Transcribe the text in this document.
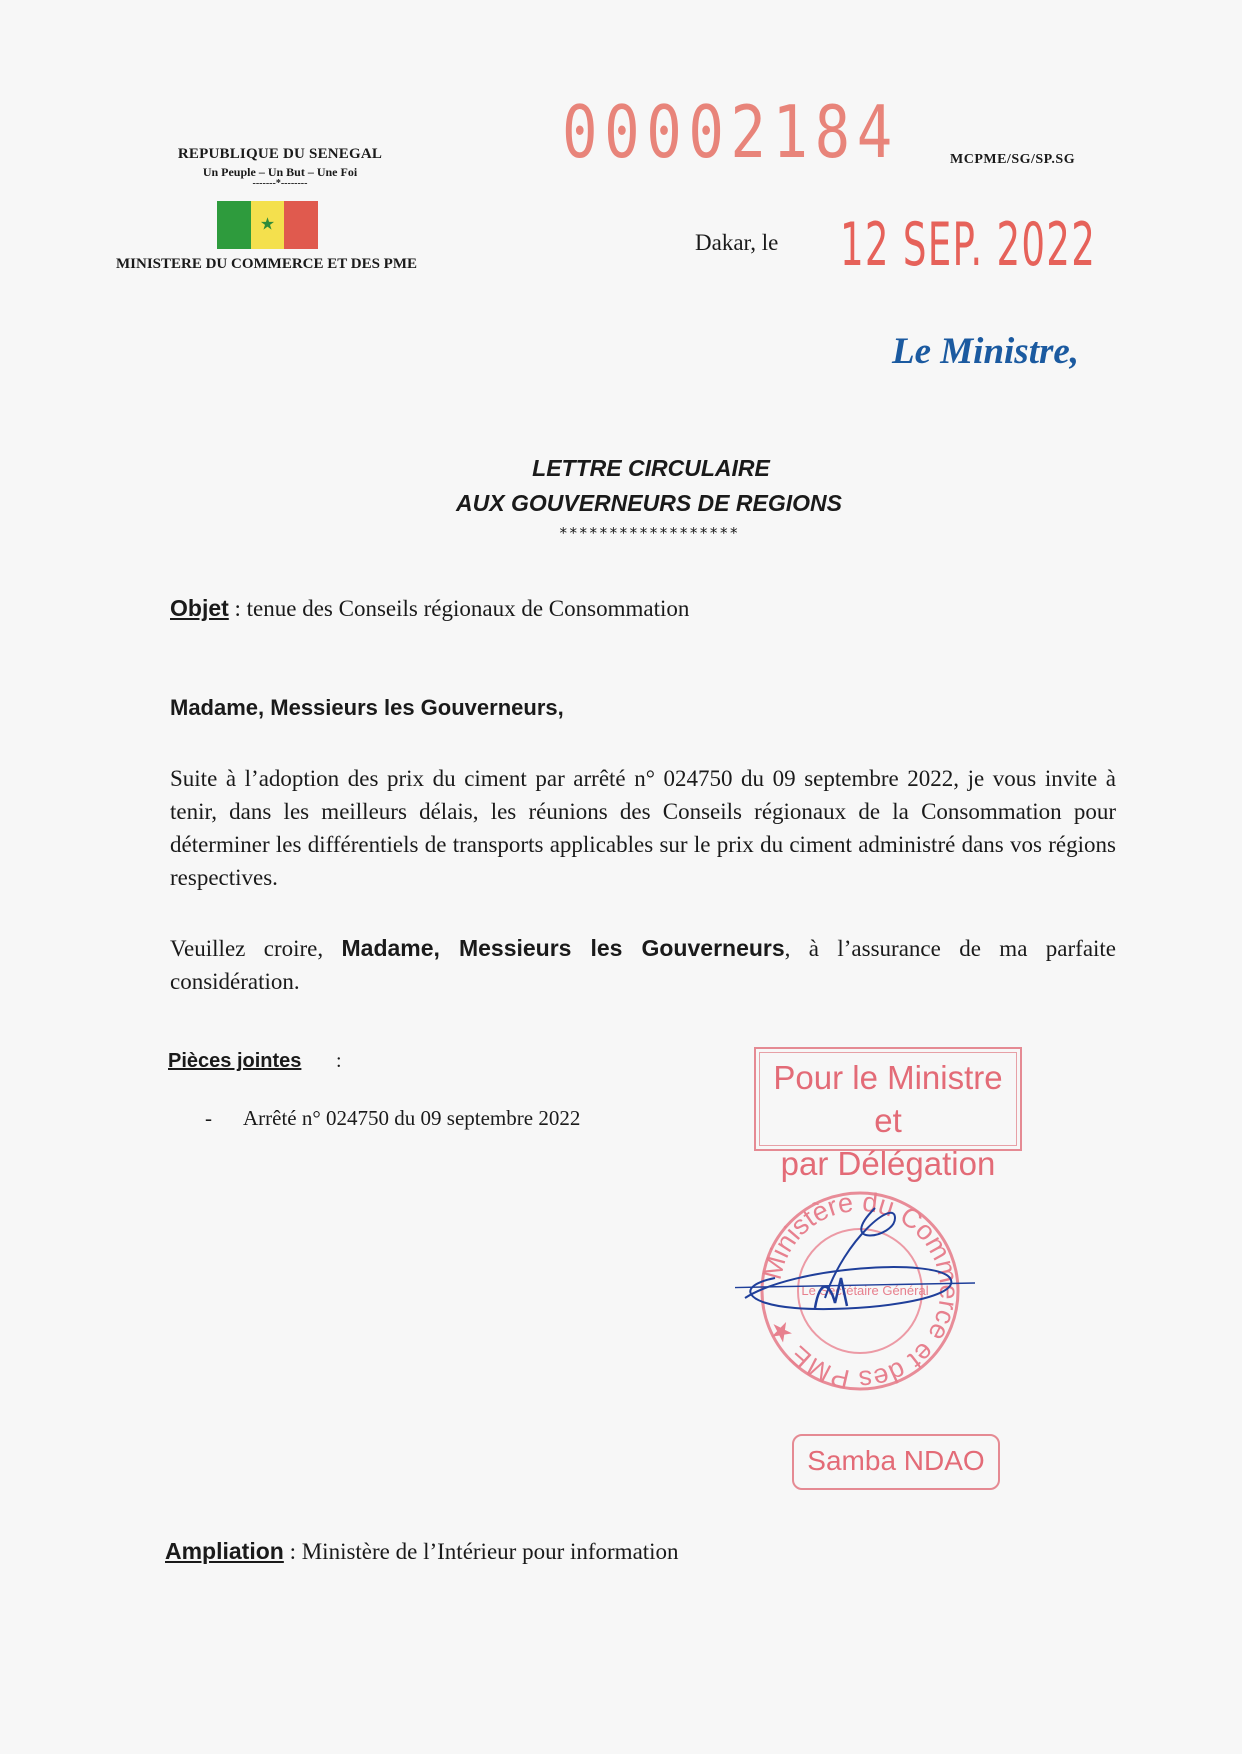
REPUBLIQUE DU SENEGAL
Un Peuple – Un But – Une Foi
-------*--------
★
MINISTERE DU COMMERCE ET DES PME
00002184	MCPME/SG/SP.SG
Dakar, le 12 SEP. 2022
Le Ministre,
LETTRE CIRCULAIRE
AUX GOUVERNEURS DE REGIONS
******************
Objet : tenue des Conseils régionaux de Consommation
Madame, Messieurs les Gouverneurs,
Suite à l’adoption des prix du ciment par arrêté n° 024750 du 09 septembre 2022, je vous invite à tenir, dans les meilleurs délais, les réunions des Conseils régionaux de la Consommation pour déterminer les différentiels de transports applicables sur le prix du ciment administré dans vos régions respectives.
Veuillez croire, Madame, Messieurs les Gouverneurs, à l’assurance de ma parfaite considération.
Pièces jointes :
- Arrêté n° 024750 du 09 septembre 2022
Pour le Ministre et
par Délégation
Ministère du Commerce et des PME ★
Le Secrétaire Général
Samba NDAO
Ampliation : Ministère de l’Intérieur pour information
